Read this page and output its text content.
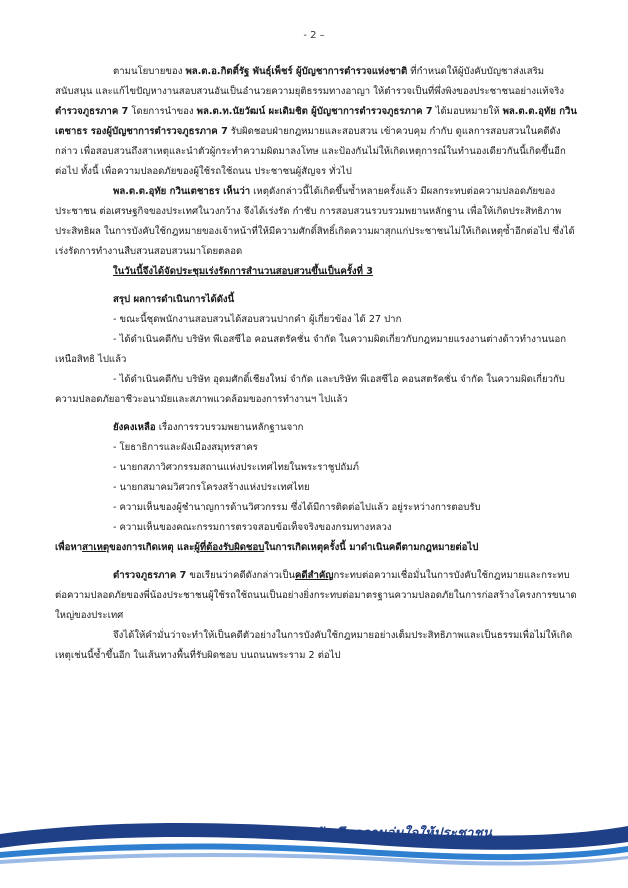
- 2 –

ตามนโยบายของ พล.ต.อ.กิตติ์รัฐ พันธุ์เพ็ชร์ ผู้บัญชาการตำรวจแห่งชาติ ที่กำหนดให้ผู้บังคับบัญชาส่งเสริม สนับสนุน และแก้ไขปัญหางานสอบสวนอันเป็นอำนวยความยุติธรรมทางอาญา ให้ตำรวจเป็นที่พึ่งพิงของประชาชนอย่างแท้จริง ตำรวจภูธรภาค 7 โดยการนำของ พล.ต.ท.นัยวัฒน์ ผะเดิมชิต ผู้บัญชาการตำรวจภูธรภาค 7 ได้มอบหมายให้ พล.ต.ต.อุทัย กวินเตชาธร รองผู้บัญชาการตำรวจภูธรภาค 7 รับผิดชอบฝ่ายกฎหมายและสอบสวน เข้าควบคุม กำกับ ดูแลการสอบสวนในคดีดังกล่าว เพื่อสอบสวนถึงสาเหตุและนำตัวผู้กระทำความผิดมาลงโทษ และป้องกันไม่ให้เกิดเหตุการณ์ในทำนองเดียวกันนี้เกิดขึ้นอีกต่อไป ทั้งนี้ เพื่อความปลอดภัยของผู้ใช้รถใช้ถนน ประชาชนผู้สัญจร ทั่วไป

พล.ต.ต.อุทัย กวินเตชาธร เห็นว่า เหตุดังกล่าวนี้ได้เกิดขึ้นซ้ำหลายครั้งแล้ว มีผลกระทบต่อความปลอดภัยของประชาชน ต่อเศรษฐกิจของประเทศในวงกว้าง จึงได้เร่งรัด กำชับ การสอบสวนรวบรวมพยานหลักฐาน เพื่อให้เกิดประสิทธิภาพ ประสิทธิผล ในการบังคับใช้กฎหมายของเจ้าหน้าที่ให้มีความศักดิ์สิทธิ์เกิดความผาสุกแก่ประชาชนไม่ให้เกิดเหตุซ้ำอีกต่อไป ซึ่งได้เร่งรัดการทำงานสืบสวนสอบสวนมาโดยตลอด

ในวันนี้จึงได้จัดประชุมเร่งรัดการสำนวนสอบสวนขึ้นเป็นครั้งที่ 3

สรุป ผลการดำเนินการได้ดังนี้

- ขณะนี้ชุดพนักงานสอบสวนได้สอบสวนปากคำ ผู้เกี่ยวข้อง ได้ 27 ปาก

- ได้ดำเนินคดีกับ บริษัท พีเอสซีไอ คอนสตรัคชั่น จำกัด ในความผิดเกี่ยวกับกฎหมายแรงงานต่างด้าวทำงานนอกเหนือสิทธิ ไปแล้ว

- ได้ดำเนินคดีกับ บริษัท อุดมศักดิ์เชียงใหม่ จำกัด และบริษัท พีเอสซีไอ คอนสตรัคชั่น จำกัด ในความผิดเกี่ยวกับความปลอดภัยอาชีวะอนามัยและสภาพแวดล้อมของการทำงานฯ ไปแล้ว

ยังคงเหลือ เรื่องการรวบรวมพยานหลักฐานจาก

- โยธาธิการและผังเมืองสมุทรสาคร

- นายกสภาวิศวกรรมสถานแห่งประเทศไทยในพระราชูปถัมภ์

- นายกสมาคมวิศวกรโครงสร้างแห่งประเทศไทย

- ความเห็นของผู้ชำนาญการด้านวิศวกรรม ซึ่งได้มีการติดต่อไปแล้ว อยู่ระหว่างการตอบรับ

- ความเห็นของคณะกรรมการตรวจสอบข้อเท็จจริงของกรมทางหลวง

เพื่อหาสาเหตุของการเกิดเหตุ และผู้ที่ต้องรับผิดชอบในการเกิดเหตุครั้งนี้ มาดำเนินคดีตามกฎหมายต่อไป

ตำรวจภูธรภาค 7 ขอเรียนว่าคดีดังกล่าวเป็นคดีสำคัญกระทบต่อความเชื่อมั่นในการบังคับใช้กฎหมายและกระทบต่อความปลอดภัยของพี่น้องประชาชนผู้ใช้รถใช้ถนนเป็นอย่างยิ่งกระทบต่อมาตรฐานความปลอดภัยในการก่อสร้างโครงการขนาดใหญ่ของประเทศ

จึงได้ให้คำมั่นว่าจะทำให้เป็นคดีตัวอย่างในการบังคับใช้กฎหมายอย่างเต็มประสิทธิภาพและเป็นธรรมเพื่อไม่ให้เกิดเหตุเช่นนี้ซ้ำขึ้นอีก ในเส้นทางพื้นที่รับผิดชอบ บนถนนพระราม 2 ต่อไป

ภาค 7 ปลอดภัย ศึนความอุ่นใจให้ประชาชน
